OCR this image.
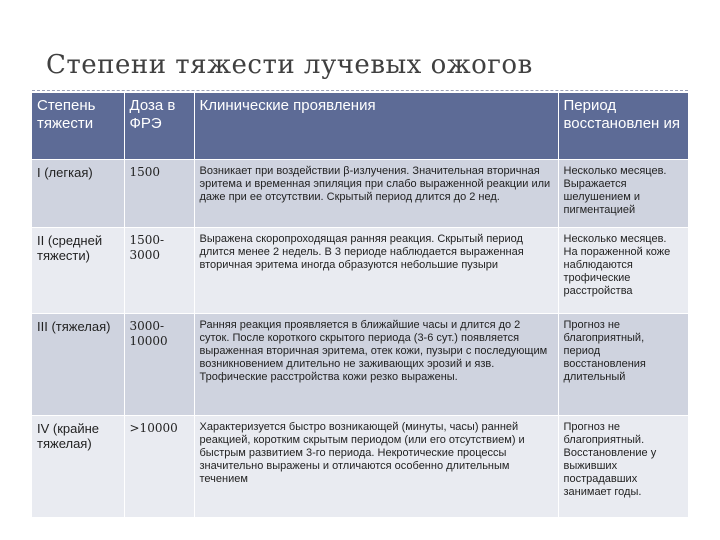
Степени тяжести лучевых ожогов
Степень тяжести	Доза в ФРЭ	Клинические проявления	Период восстановлен ия
I (легкая)	1500	Возникает при воздействии β-излучения. Значительная вторичная эритема и временная эпиляция при слабо выраженной реакции или даже при ее отсутствии. Скрытый период длится до 2 нед.	Несколько месяцев. Выражается шелушением и пигментацией
II (средней тяжести)	1500-3000	Выражена скоропроходящая ранняя реакция. Скрытый период длится менее 2 недель. В 3 периоде наблюдается выраженная вторичная эритема иногда образуются небольшие пузыри	Несколько месяцев. На пораженной коже наблюдаются трофические расстройства
III (тяжелая)	3000-10000	Ранняя реакция проявляется в ближайшие часы и длится до 2 суток. После короткого скрытого периода (3-6 сут.) появляется выраженная вторичная эритема, отек кожи, пузыри с последующим возникновением длительно не заживающих эрозий и язв. Трофические расстройства кожи резко выражены.	Прогноз не благоприятный, период восстановления длительный
IV (крайне тяжелая)	>10000	Характеризуется быстро возникающей (минуты, часы) ранней реакцией, коротким скрытым периодом (или его отсутствием) и быстрым развитием 3-го периода. Некротические процессы значительно выражены и отличаются особенно длительным течением	Прогноз не благоприятный. Восстановление у выживших пострадавших занимает годы.
